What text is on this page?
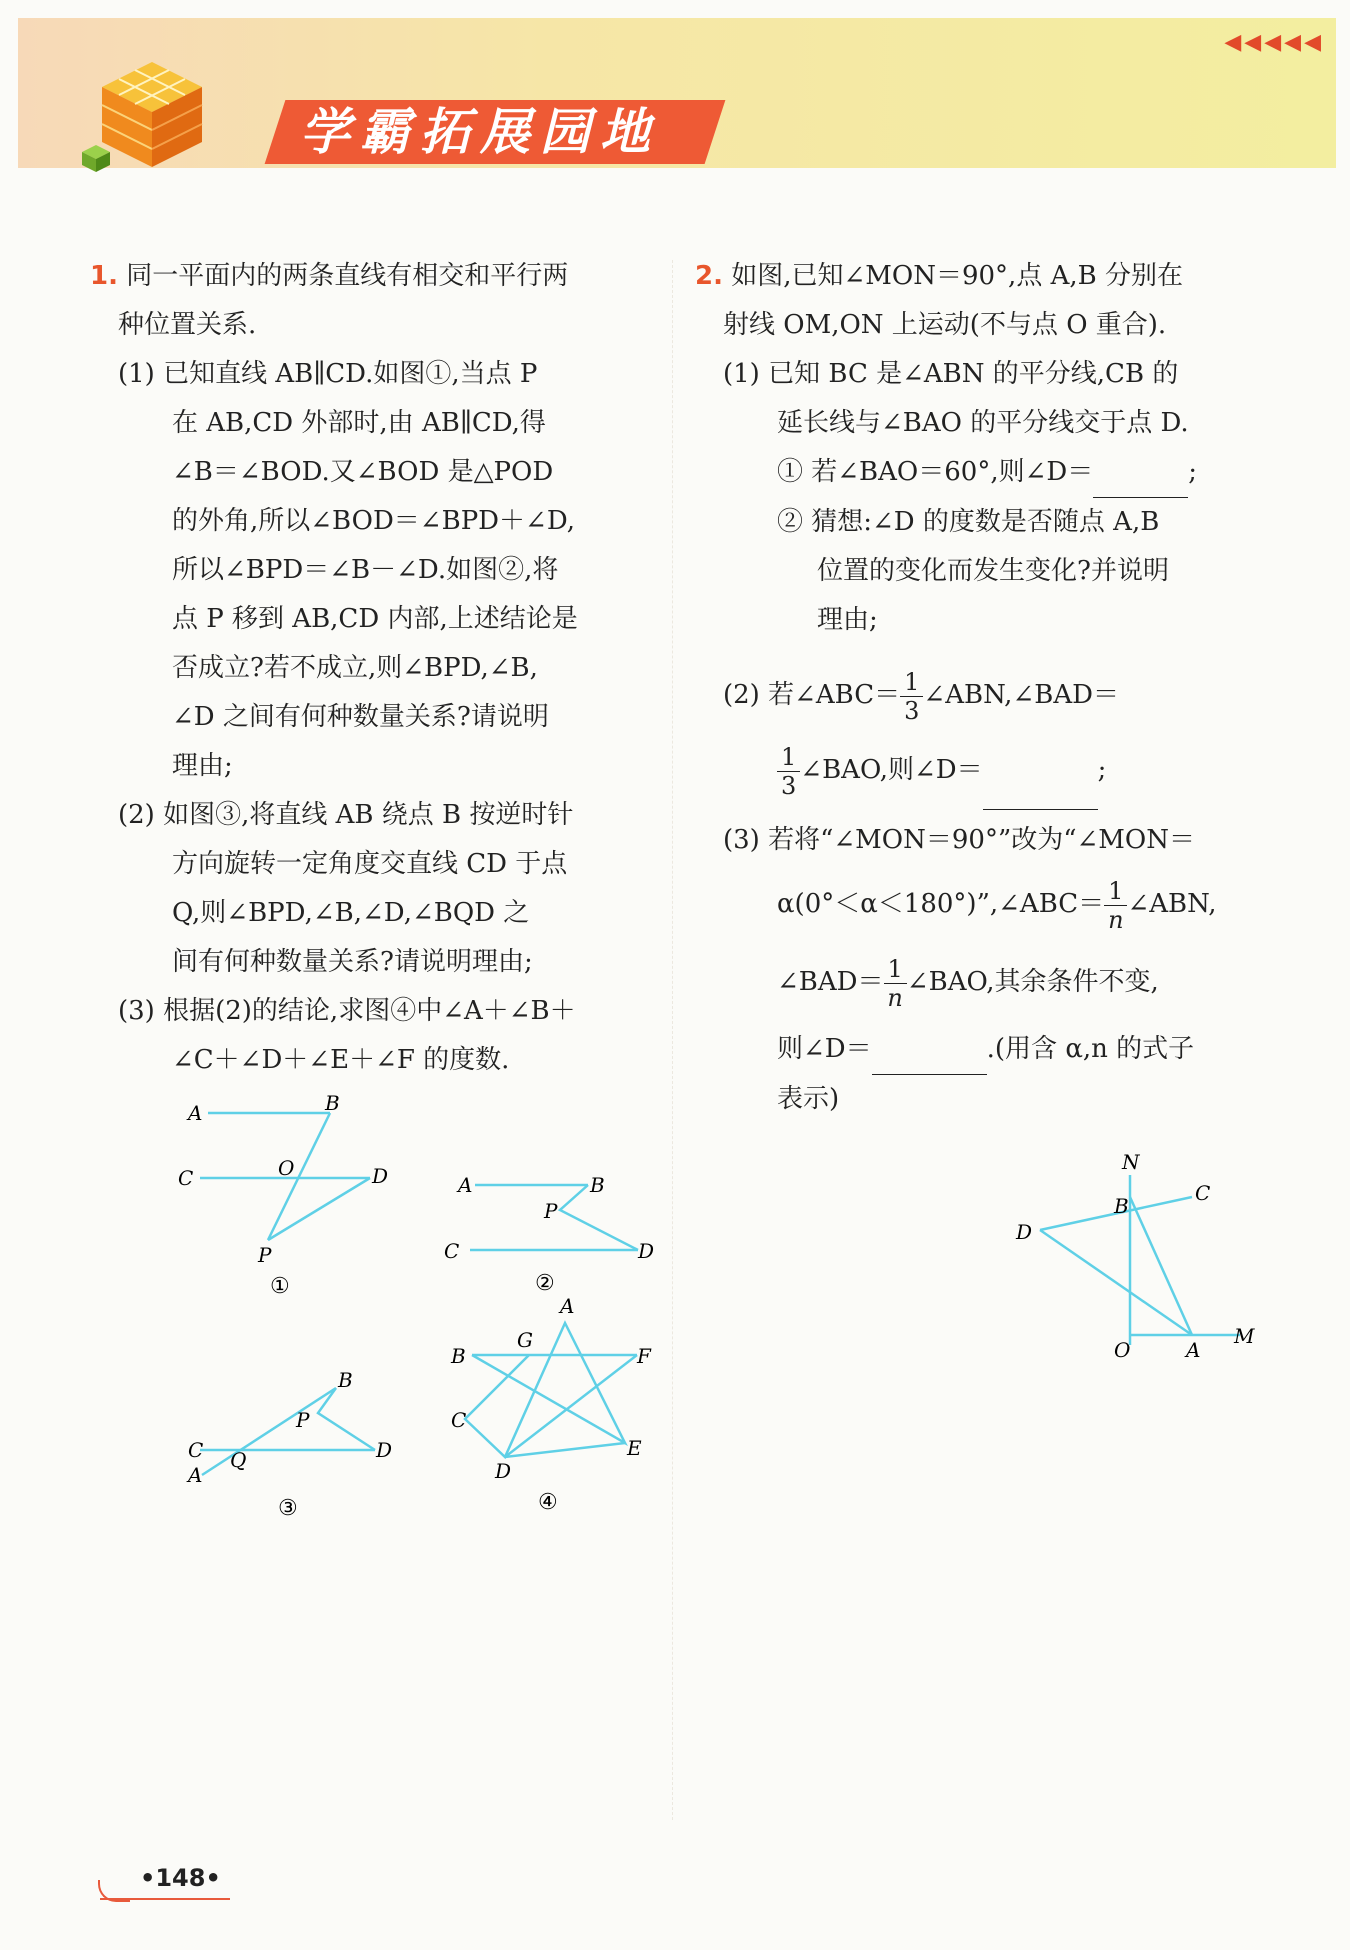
◀◀◀◀◀
学霸拓展园地

1. 同一平面内的两条直线有相交和平行两

种位置关系.

(1) 已知直线 AB∥CD.如图①,当点 P

在 AB,CD 外部时,由 AB∥CD,得

∠B＝∠BOD.又∠BOD 是△POD

的外角,所以∠BOD＝∠BPD＋∠D,

所以∠BPD＝∠B－∠D.如图②,将

点 P 移到 AB,CD 内部,上述结论是

否成立?若不成立,则∠BPD,∠B,

∠D 之间有何种数量关系?请说明

理由;

(2) 如图③,将直线 AB 绕点 B 按逆时针

方向旋转一定角度交直线 CD 于点

Q,则∠BPD,∠B,∠D,∠BQD 之

间有何种数量关系?请说明理由;

(3) 根据(2)的结论,求图④中∠A＋∠B＋

∠C＋∠D＋∠E＋∠F 的度数.

A	B
C	O	D
P
①
A	B
P
C	D
②
B
P
C	D
Q
A
③
A
G
B	F
C
E
D
④

2. 如图,已知∠MON＝90°,点 A,B 分别在

射线 OM,ON 上运动(不与点 O 重合).

(1) 已知 BC 是∠ABN 的平分线,CB 的

延长线与∠BAO 的平分线交于点 D.

① 若∠BAO＝60°,则∠D＝	;

② 猜想:∠D 的度数是否随点 A,B

位置的变化而发生变化?并说明

理由;

(2) 若∠ABC＝ $\frac{1}{3}$ ∠ABN,∠BAD＝

$\frac{1}{3}$ ∠BAO,则∠D＝	;

(3) 若将“∠MON＝90°”改为“∠MON＝

α(0°＜α＜180°)”,∠ABC＝ $\frac{1}{n}$ ∠ABN,

∠BAD＝ $\frac{1}{n}$ ∠BAO,其余条件不变,

则∠D＝	.(用含 α,n 的式子

表示)

N
C
B
D
O	A
M
•148•
